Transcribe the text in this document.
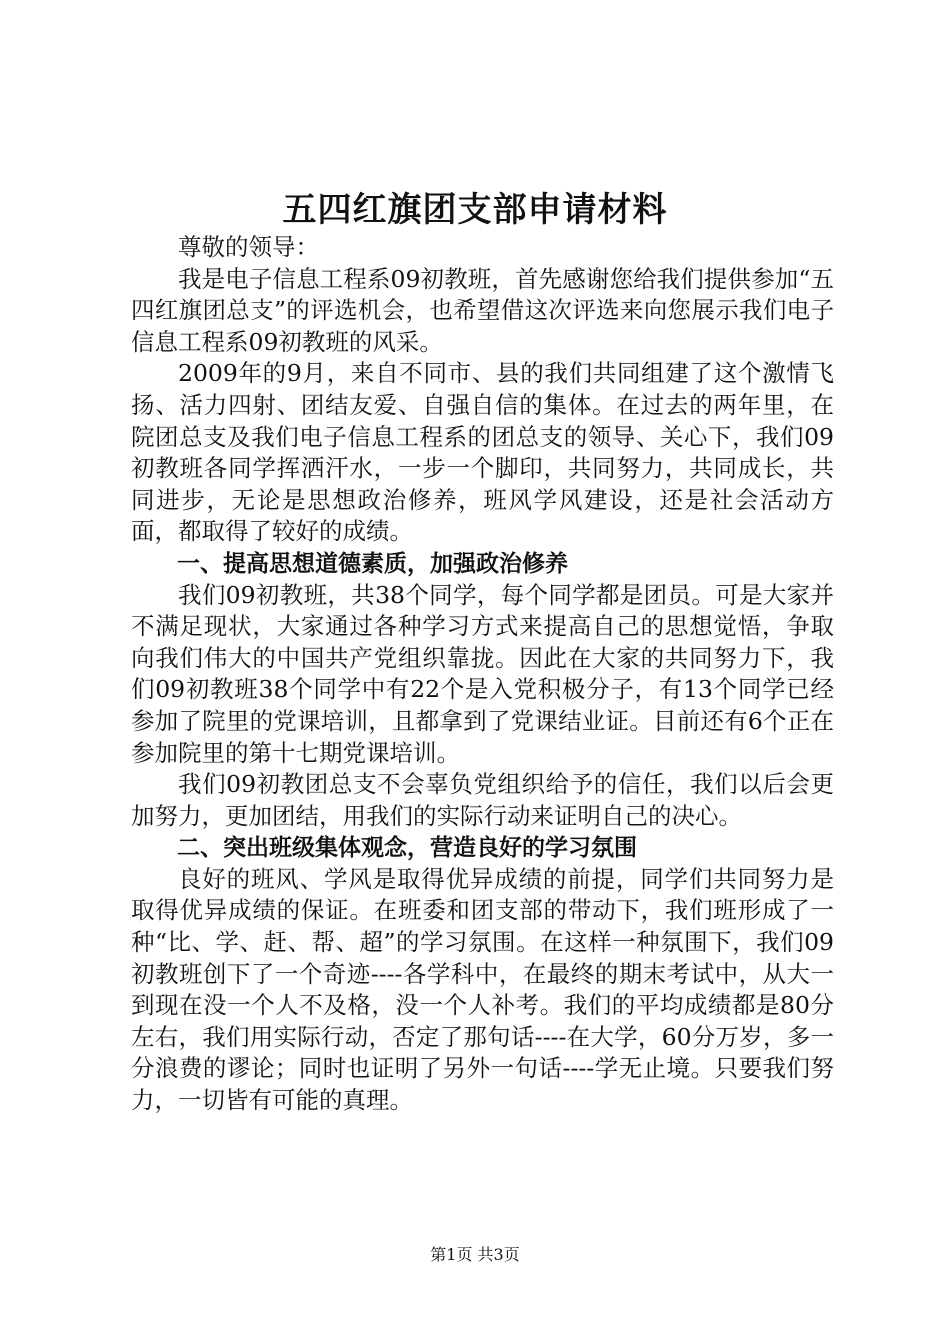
五四红旗团支部申请材料

尊敬的领导：

我是电子信息工程系09初教班，首先感谢您给我们提供参加“五四红旗团总支”的评选机会，也希望借这次评选来向您展示我们电子信息工程系09初教班的风采。

2009年的9月，来自不同市、县的我们共同组建了这个激情飞扬、活力四射、团结友爱、自强自信的集体。在过去的两年里，在院团总支及我们电子信息工程系的团总支的领导、关心下，我们09初教班各同学挥洒汗水，一步一个脚印，共同努力，共同成长，共同进步，无论是思想政治修养，班风学风建设，还是社会活动方面，都取得了较好的成绩。

一、提高思想道德素质，加强政治修养

我们09初教班，共38个同学，每个同学都是团员。可是大家并不满足现状，大家通过各种学习方式来提高自己的思想觉悟，争取向我们伟大的中国共产党组织靠拢。因此在大家的共同努力下，我们09初教班38个同学中有22个是入党积极分子，有13个同学已经参加了院里的党课培训，且都拿到了党课结业证。目前还有6个正在参加院里的第十七期党课培训。

我们09初教团总支不会辜负党组织给予的信任，我们以后会更加努力，更加团结，用我们的实际行动来证明自己的决心。

二、突出班级集体观念，营造良好的学习氛围

良好的班风、学风是取得优异成绩的前提，同学们共同努力是取得优异成绩的保证。在班委和团支部的带动下，我们班形成了一种“比、学、赶、帮、超”的学习氛围。在这样一种氛围下，我们09初教班创下了一个奇迹----各学科中，在最终的期末考试中，从大一到现在没一个人不及格，没一个人补考。我们的平均成绩都是80分左右，我们用实际行动，否定了那句话----在大学，60分万岁，多一分浪费的谬论；同时也证明了另外一句话----学无止境。只要我们努力，一切皆有可能的真理。

第1页 共3页
